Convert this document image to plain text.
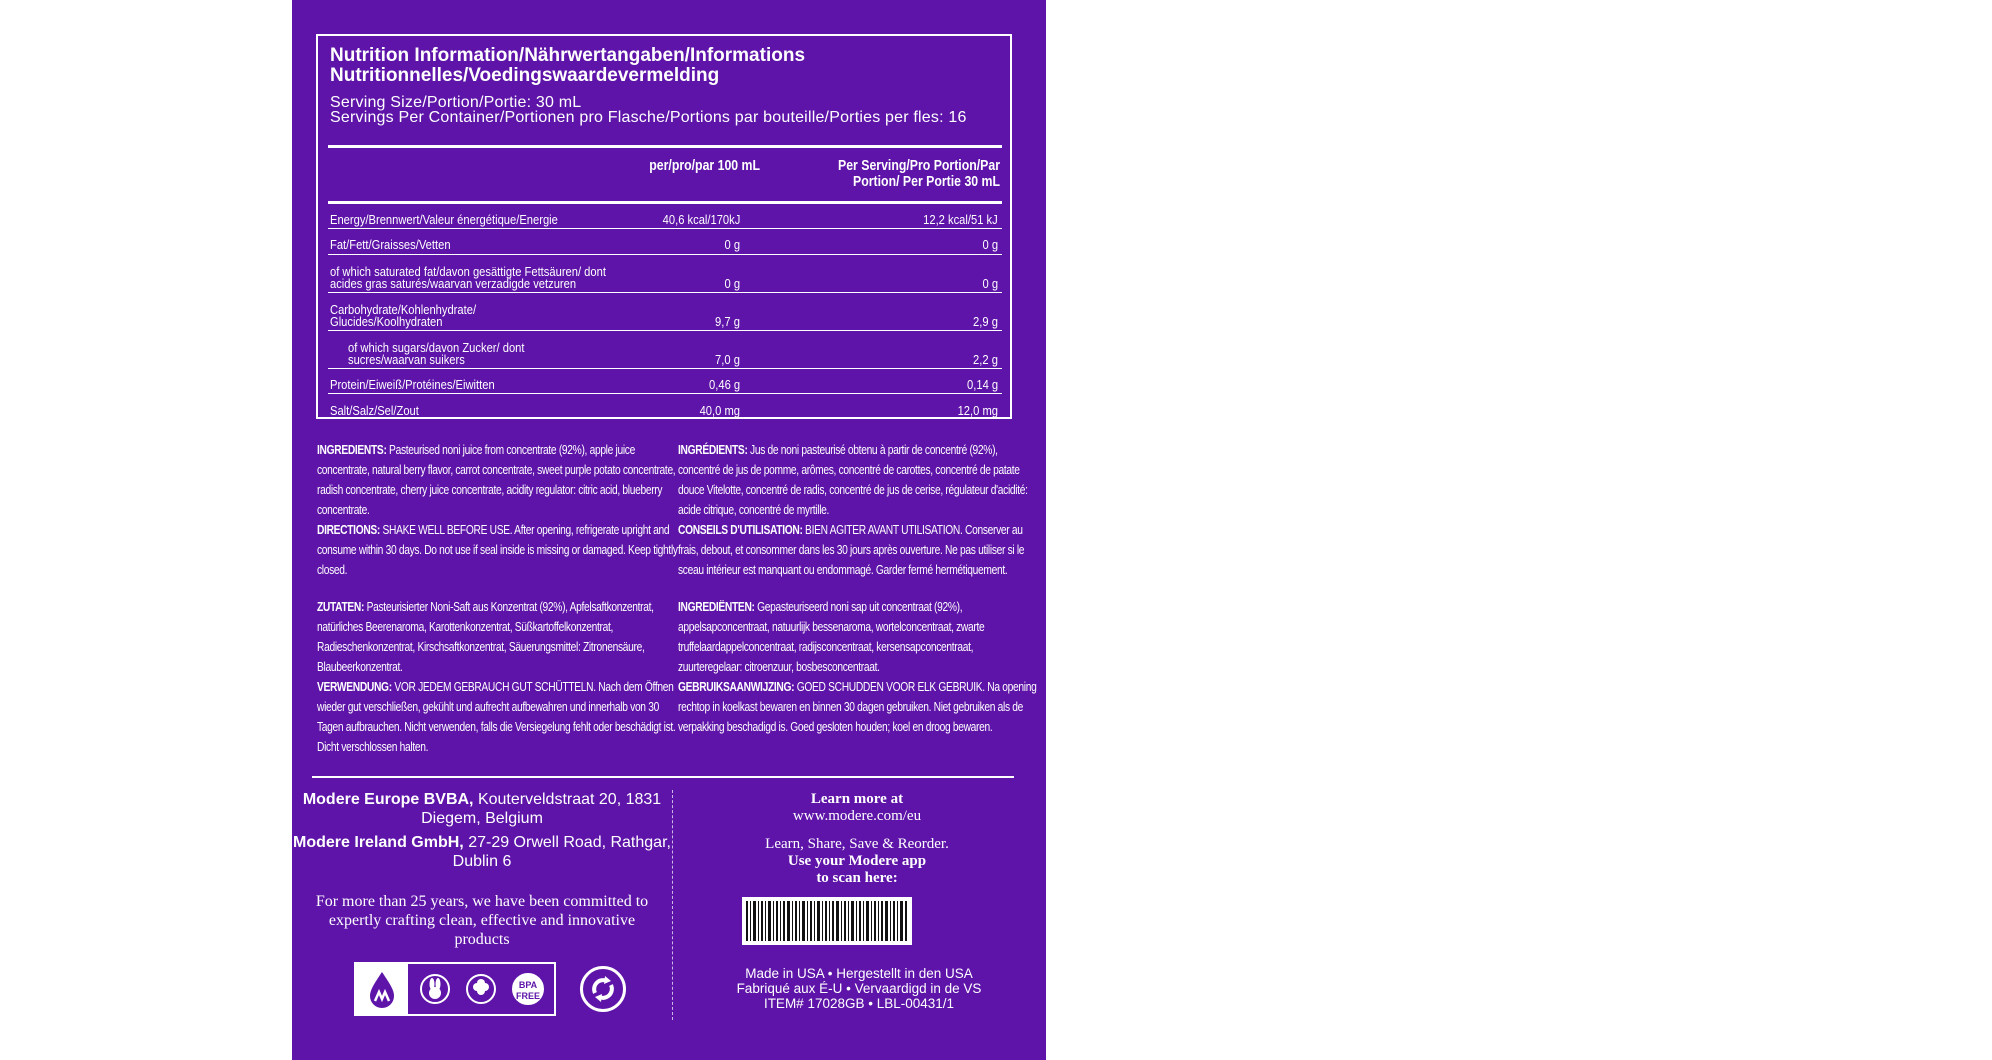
Nutrition Information/Nährwertangaben/Informations Nutritionnelles/Voedingswaardevermelding
Serving Size/Portion/Portie: 30 mL
Servings Per Container/Portionen pro Flasche/Portions par bouteille/Porties per fles: 16
per/pro/par 100 mL	Per Serving/Pro Portion/Par Portion/ Per Portie 30 mL
Energy/Brennwert/Valeur énergétique/Energie	40,6 kcal/170kJ	12,2 kcal/51 kJ
Fat/Fett/Graisses/Vetten	0 g	0 g
of which saturated fat/davon gesättigte Fettsäuren/ dont acides gras saturés/waarvan verzadigde vetzuren	0 g	0 g
Carbohydrate/Kohlenhydrate/ Glucides/Koolhydraten	9,7 g	2,9 g
of which sugars/davon Zucker/ dont sucres/waarvan suikers	7,0 g	2,2 g
Protein/Eiweiß/Protéines/Eiwitten	0,46 g	0,14 g
Salt/Salz/Sel/Zout	40,0 mg	12,0 mg

INGREDIENTS: Pasteurised noni juice from concentrate (92%), apple juice concentrate, natural berry flavor, carrot concentrate, sweet purple potato concentrate, radish concentrate, cherry juice concentrate, acidity regulator: citric acid, blueberry concentrate.

DIRECTIONS: SHAKE WELL BEFORE USE. After opening, refrigerate upright and consume within 30 days. Do not use if seal inside is missing or damaged. Keep tightly closed.

ZUTATEN: Pasteurisierter Noni-Saft aus Konzentrat (92%), Apfelsaftkonzentrat, natürliches Beerenaroma, Karottenkonzentrat, Süßkartoffelkonzentrat, Radieschenkonzentrat, Kirschsaftkonzentrat, Säuerungsmittel: Zitronensäure, Blaubeerkonzentrat.

VERWENDUNG: VOR JEDEM GEBRAUCH GUT SCHÜTTELN. Nach dem Öffnen wieder gut verschließen, gekühlt und aufrecht aufbewahren und innerhalb von 30 Tagen aufbrauchen. Nicht verwenden, falls die Versiegelung fehlt oder beschädigt ist. Dicht verschlossen halten.

INGRÉDIENTS: Jus de noni pasteurisé obtenu à partir de concentré (92%), concentré de jus de pomme, arômes, concentré de carottes, concentré de patate douce Vitelotte, concentré de radis, concentré de jus de cerise, régulateur d'acidité: acide citrique, concentré de myrtille.

CONSEILS D'UTILISATION: BIEN AGITER AVANT UTILISATION. Conserver au frais, debout, et consommer dans les 30 jours après ouverture. Ne pas utiliser si le sceau intérieur est manquant ou endommagé. Garder fermé hermétiquement.

INGREDIËNTEN: Gepasteuriseerd noni sap uit concentraat (92%), appelsapconcentraat, natuurlijk bessenaroma, wortelconcentraat, zwarte truffelaardappelconcentraat, radijsconcentraat, kersensapconcentraat, zuurteregelaar: citroenzuur, bosbesconcentraat.

GEBRUIKSAANWIJZING: GOED SCHUDDEN VOOR ELK GEBRUIK. Na opening rechtop in koelkast bewaren en binnen 30 dagen gebruiken. Niet gebruiken als de verpakking beschadigd is. Goed gesloten houden; koel en droog bewaren.

Modere Europe BVBA, Kouterveldstraat 20, 1831 Diegem, Belgium
Modere Ireland GmbH, 27-29 Orwell Road, Rathgar, Dublin 6
For more than 25 years, we have been committed to expertly crafting clean, effective and innovative products
BPA FREE
Learn more at
www.modere.com/eu
Learn, Share, Save & Reorder.
Use your Modere app
to scan here:
Made in USA • Hergestellt in den USA
Fabriqué aux É-U • Vervaardigd in de VS
ITEM# 17028GB • LBL-00431/1
